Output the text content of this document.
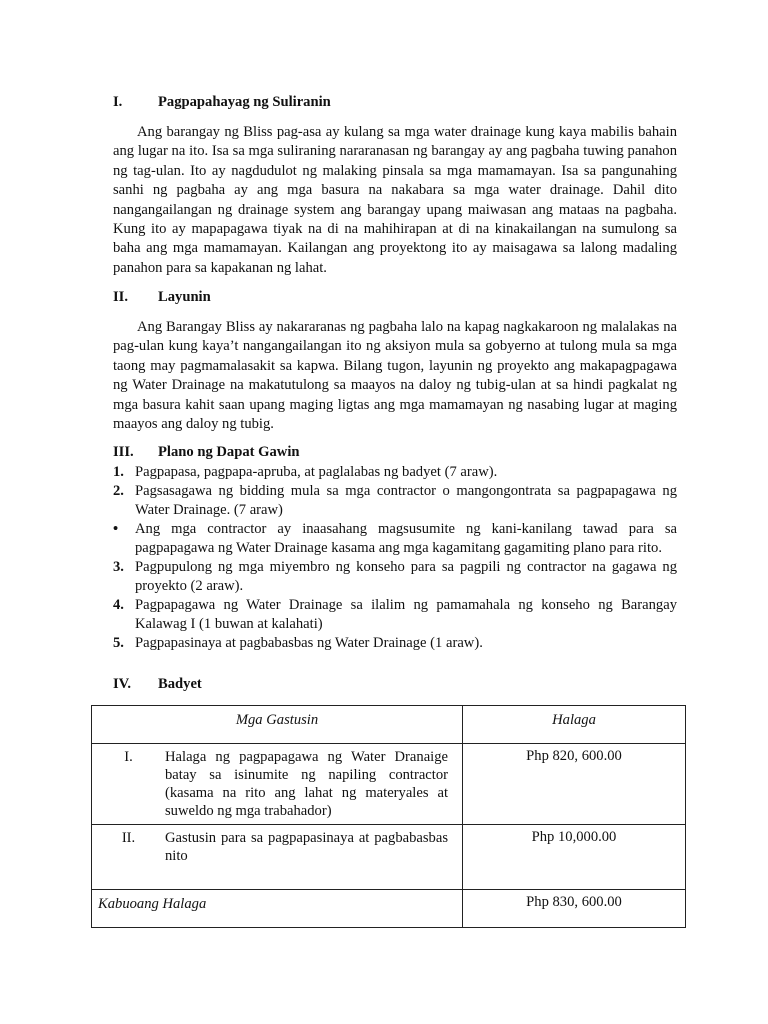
I. Pagpapahayag ng Suliranin

Ang barangay ng Bliss pag-asa ay kulang sa mga water drainage kung kaya mabilis bahain ang lugar na ito. Isa sa mga suliraning nararanasan ng barangay ay ang pagbaha tuwing panahon ng tag-ulan. Ito ay nagdudulot ng malaking pinsala sa mga mamamayan. Isa sa pangunahing sanhi ng pagbaha ay ang mga basura na nakabara sa mga water drainage. Dahil dito nangangailangan ng drainage system ang barangay upang maiwasan ang mataas na pagbaha. Kung ito ay mapapagawa tiyak na di na mahihirapan at di na kinakailangan na sumulong sa baha ang mga mamamayan. Kailangan ang proyektong ito ay maisagawa sa lalong madaling panahon para sa kapakanan ng lahat.

II. Layunin

Ang Barangay Bliss ay nakararanas ng pagbaha lalo na kapag nagkakaroon ng malalakas na pag-ulan kung kaya’t nangangailangan ito ng aksiyon mula sa gobyerno at tulong mula sa mga taong may pagmamalasakit sa kapwa. Bilang tugon, layunin ng proyekto ang makapagpagawa ng Water Drainage na makatutulong sa maayos na daloy ng tubig-ulan at sa hindi pagkalat ng mga basura kahit saan upang maging ligtas ang mga mamamayan ng nasabing lugar at maging maayos ang daloy ng tubig.

III. Plano ng Dapat Gawin
1. Pagpapasa, pagpapa-apruba, at paglalabas ng badyet (7 araw).
2. Pagsasagawa ng bidding mula sa mga contractor o mangongontrata sa pagpapagawa ng Water Drainage. (7 araw)
•	Ang mga contractor ay inaasahang magsusumite ng kani-kanilang tawad para sa pagpapagawa ng Water Drainage kasama ang mga kagamitang gagamiting plano para rito.
3. Pagpupulong ng mga miyembro ng konseho para sa pagpili ng contractor na gagawa ng proyekto (2 araw).
4. Pagpapagawa ng Water Drainage sa ilalim ng pamamahala ng konseho ng Barangay Kalawag I (1 buwan at kalahati)
5. Pagpapasinaya at pagbabasbas ng Water Drainage (1 araw).
IV. Badyet
Mga Gastusin	Halaga

I. Halaga ng pagpapagawa ng Water Dranaige batay sa isinumite ng napiling contractor (kasama na rito ang lahat ng materyales at suweldo ng mga trabahador)	Php 820, 600.00

II. Gastusin para sa pagpapasinaya at pagbabasbas nito	Php 10,000.00
Kabuoang Halaga	Php 830, 600.00
